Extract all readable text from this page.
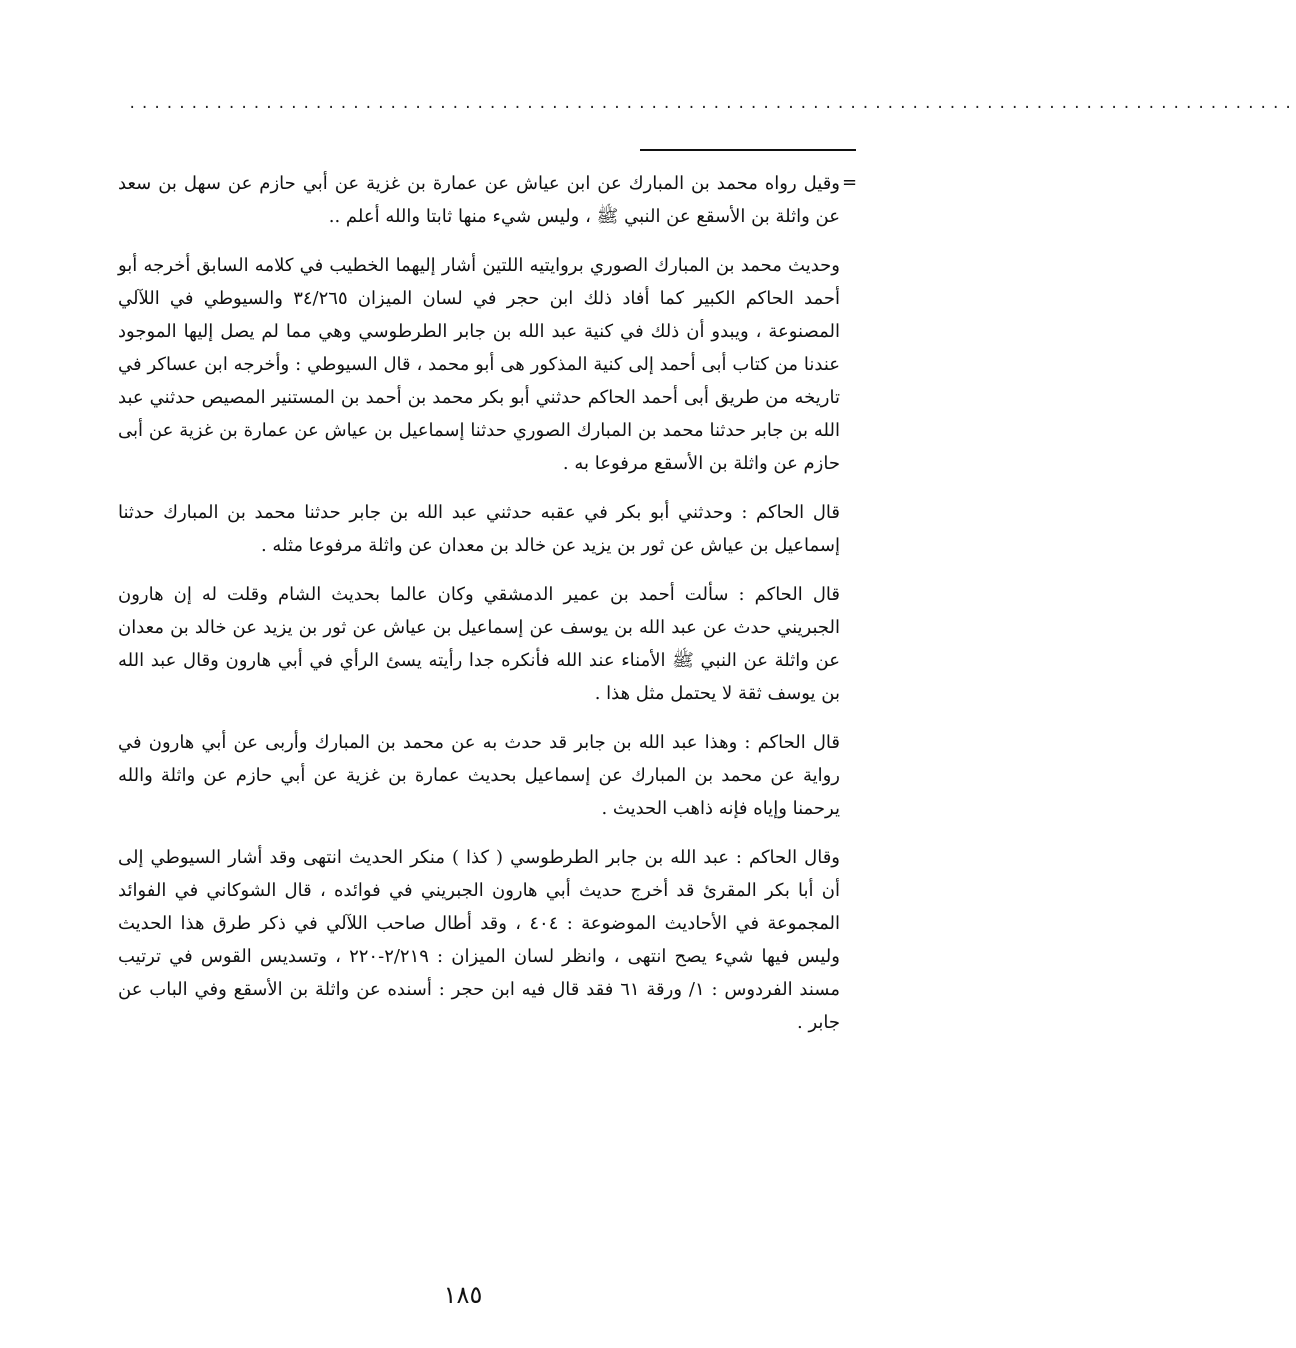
..............................................................................................
=

وقيل رواه محمد بن المبارك عن ابن عياش عن عمارة بن غزية عن أبي حازم عن سهل بن سعد عن واثلة بن الأسقع عن النبي ﷺ ، وليس شيء منها ثابتا والله أعلم ..

وحديث محمد بن المبارك الصوري بروايتيه اللتين أشار إليهما الخطيب في كلامه السابق أخرجه أبو أحمد الحاكم الكبير كما أفاد ذلك ابن حجر في لسان الميزان ٣٤/٢٦٥ والسيوطي في اللآلي المصنوعة ، ويبدو أن ذلك في كنية عبد الله بن جابر الطرطوسي وهي مما لم يصل إليها الموجود عندنا من كتاب أبى أحمد إلى كنية المذكور هى أبو محمد ، قال السيوطي : وأخرجه ابن عساكر في تاريخه من طريق أبى أحمد الحاكم حدثني أبو بكر محمد بن أحمد بن المستنير المصيص حدثني عبد الله بن جابر حدثنا محمد بن المبارك الصوري حدثنا إسماعيل بن عياش عن عمارة بن غزية عن أبى حازم عن واثلة بن الأسقع مرفوعا به .

قال الحاكم : وحدثني أبو بكر في عقبه حدثني عبد الله بن جابر حدثنا محمد بن المبارك حدثنا إسماعيل بن عياش عن ثور بن يزيد عن خالد بن معدان عن واثلة مرفوعا مثله .

قال الحاكم : سألت أحمد بن عمير الدمشقي وكان عالما بحديث الشام وقلت له إن هارون الجبريني حدث عن عبد الله بن يوسف عن إسماعيل بن عياش عن ثور بن يزيد عن خالد بن معدان عن واثلة عن النبي ﷺ الأمناء عند الله فأنكره جدا رأيته يسئ الرأي في أبي هارون وقال عبد الله بن يوسف ثقة لا يحتمل مثل هذا .

قال الحاكم : وهذا عبد الله بن جابر قد حدث به عن محمد بن المبارك وأربى عن أبي هارون في رواية عن محمد بن المبارك عن إسماعيل بحديث عمارة بن غزية عن أبي حازم عن واثلة والله يرحمنا وإياه فإنه ذاهب الحديث .

وقال الحاكم : عبد الله بن جابر الطرطوسي ( كذا ) منكر الحديث انتهى وقد أشار السيوطي إلى أن أبا بكر المقرئ قد أخرج حديث أبي هارون الجبريني في فوائده ، قال الشوكاني في الفوائد المجموعة في الأحاديث الموضوعة : ٤٠٤ ، وقد أطال صاحب اللآلي في ذكر طرق هذا الحديث وليس فيها شيء يصح انتهى ، وانظر لسان الميزان : ٢/٢١٩-٢٢٠ ، وتسديس القوس في ترتيب مسند الفردوس : ١/ ورقة ٦١ فقد قال فيه ابن حجر : أسنده عن واثلة بن الأسقع وفي الباب عن جابر .

١٨٥
